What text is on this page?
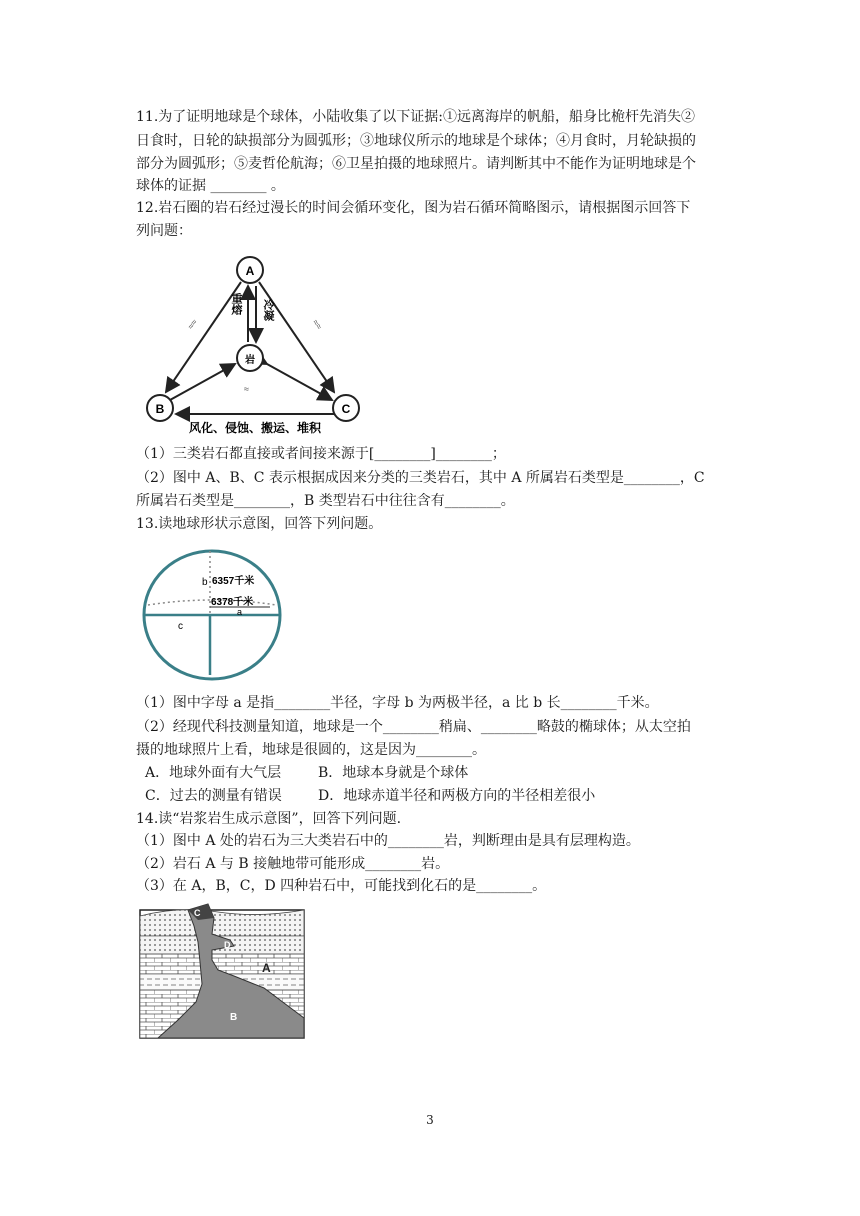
11.为了证明地球是个球体，小陆收集了以下证据:①远离海岸的帆船，船身比桅杆先消失②
日食时，日轮的缺损部分为圆弧形；③地球仪所示的地球是个球体；④月食时，月轮缺损的
部分为圆弧形；⑤麦哲伦航海；⑥卫星拍摄的地球照片。请判断其中不能作为证明地球是个
球体的证据 ________ 。
12.岩石圈的岩石经过漫长的时间会循环变化，图为岩石循环简略图示，请根据图示回答下
列问题：
A
岩
B	C
重熔 冷凝
≈≈	≈≈
≈
风化、侵蚀、搬运、堆积
（1）三类岩石都直接或者间接来源于[________]________；
（2）图中 A、B、C 表示根据成因来分类的三类岩石，其中 A 所属岩石类型是________，C
所属岩石类型是________，B 类型岩石中往往含有________。
13.读地球形状示意图，回答下列问题。
b 6357千米
6378千米
a
c
（1）图中字母 a 是指________半径，字母 b 为两极半径，a 比 b 长________千米。
（2）经现代科技测量知道，地球是一个________稍扁、________略鼓的椭球体；从太空拍
摄的地球照片上看，地球是很圆的，这是因为________。
A．地球外面有大气层	B．地球本身就是个球体
C．过去的测量有错误	D．地球赤道半径和两极方向的半径相差很小
14.读“岩浆岩生成示意图”，回答下列问题.
（1）图中 A 处的岩石为三大类岩石中的________岩，判断理由是具有层理构造。
（2）岩石 A 与 B 接触地带可能形成________岩。
（3）在 A，B，C，D 四种岩石中，可能找到化石的是________。
C
D
A
B
3
